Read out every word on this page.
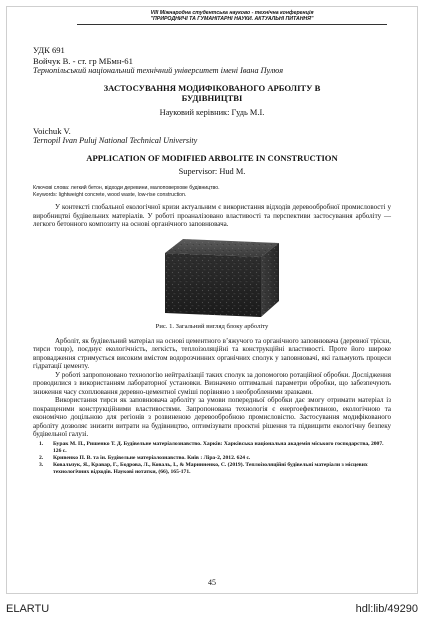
VIII Міжнародна студентська науково - технічна конференція
"ПРИРОДНИЧІ ТА ГУМАНІТАРНІ НАУКИ. АКТУАЛЬНІ ПИТАННЯ"
УДК 691
Войчук В. - ст. гр МБмн-61
Тернопільський національний технічний університет імені Івана Пулюя
ЗАСТОСУВАННЯ МОДИФІКОВАНОГО АРБОЛІТУ В
БУДІВНИЦТВІ
Науковий керівник: Гудь М.І.
Voichuk V.
Ternopil Ivan Puluj National Technical University
APPLICATION OF MODIFIED ARBOLITE IN CONSTRUCTION
Supervisor: Hud M.
Ключові слова: легкий бетон, відходи деревини, малоповерхове будівництво.
Keywords: lightweight concrete, wood waste, low-rise construction.

У контексті глобальної екологічної кризи актуальним є використання відходів деревообробної промисловості у виробництві будівельних матеріалів. У роботі проаналізовано властивості та перспективи застосування арболіту — легкого бетонного композиту на основі органічного заповнювача.

Рис. 1. Загальний вигляд блоку арболіту

Арболіт, як будівельний матеріал на основі цементного в’яжучого та органічного заповнювача (деревної тріски, тирси тощо), поєднує екологічність, легкість, теплоізоляційні та конструкційні властивості. Проте його широке впровадження стримується високим вмістом водорозчинних органічних сполук у заповнювачі, які гальмують процеси гідратації цементу.

У роботі запропоновано технологію нейтралізації таких сполук за допомогою ротаційної обробки. Дослідження проводилися з використанням лабораторної установки. Визначено оптимальні параметри обробки, що забезпечують зниження часу схоплювання деревно-цементної суміші порівняно з необробленими зразками.

Використання тирси як заповнювача арболіту за умови попередньої обробки дає змогу отримати матеріал із покращеними конструкційними властивостями. Запропонована технологія є енергоефективною, екологічною та економічно доцільною для регіонів з розвиненою деревообробною промисловістю. Застосування модифікованого арболіту дозволяє знизити витрати на будівництво, оптимізувати проєктні рішення та підвищити екологічну безпеку будівельної галузі.

1.	Бурак М. П., Ришенко Т. Д. Будівельне матеріалознавство. Харків: Харківська національна академія міського господарства, 2007. 126 с.
2.	Кривенко П. В. та ін. Будівельне матеріалознавство. Київ : Ліра-2, 2012. 624 с.
3.	Ковальчук, Я., Кравар, Г., Бодрова, Л., Коваль, І., & Маринненко, С. (2019). Теплоізоляційні будівельні матеріали з місцевих технологічних відходів. Наукові нотатки, (66), 165-171.
45
ELARTU	hdl:lib/49290
